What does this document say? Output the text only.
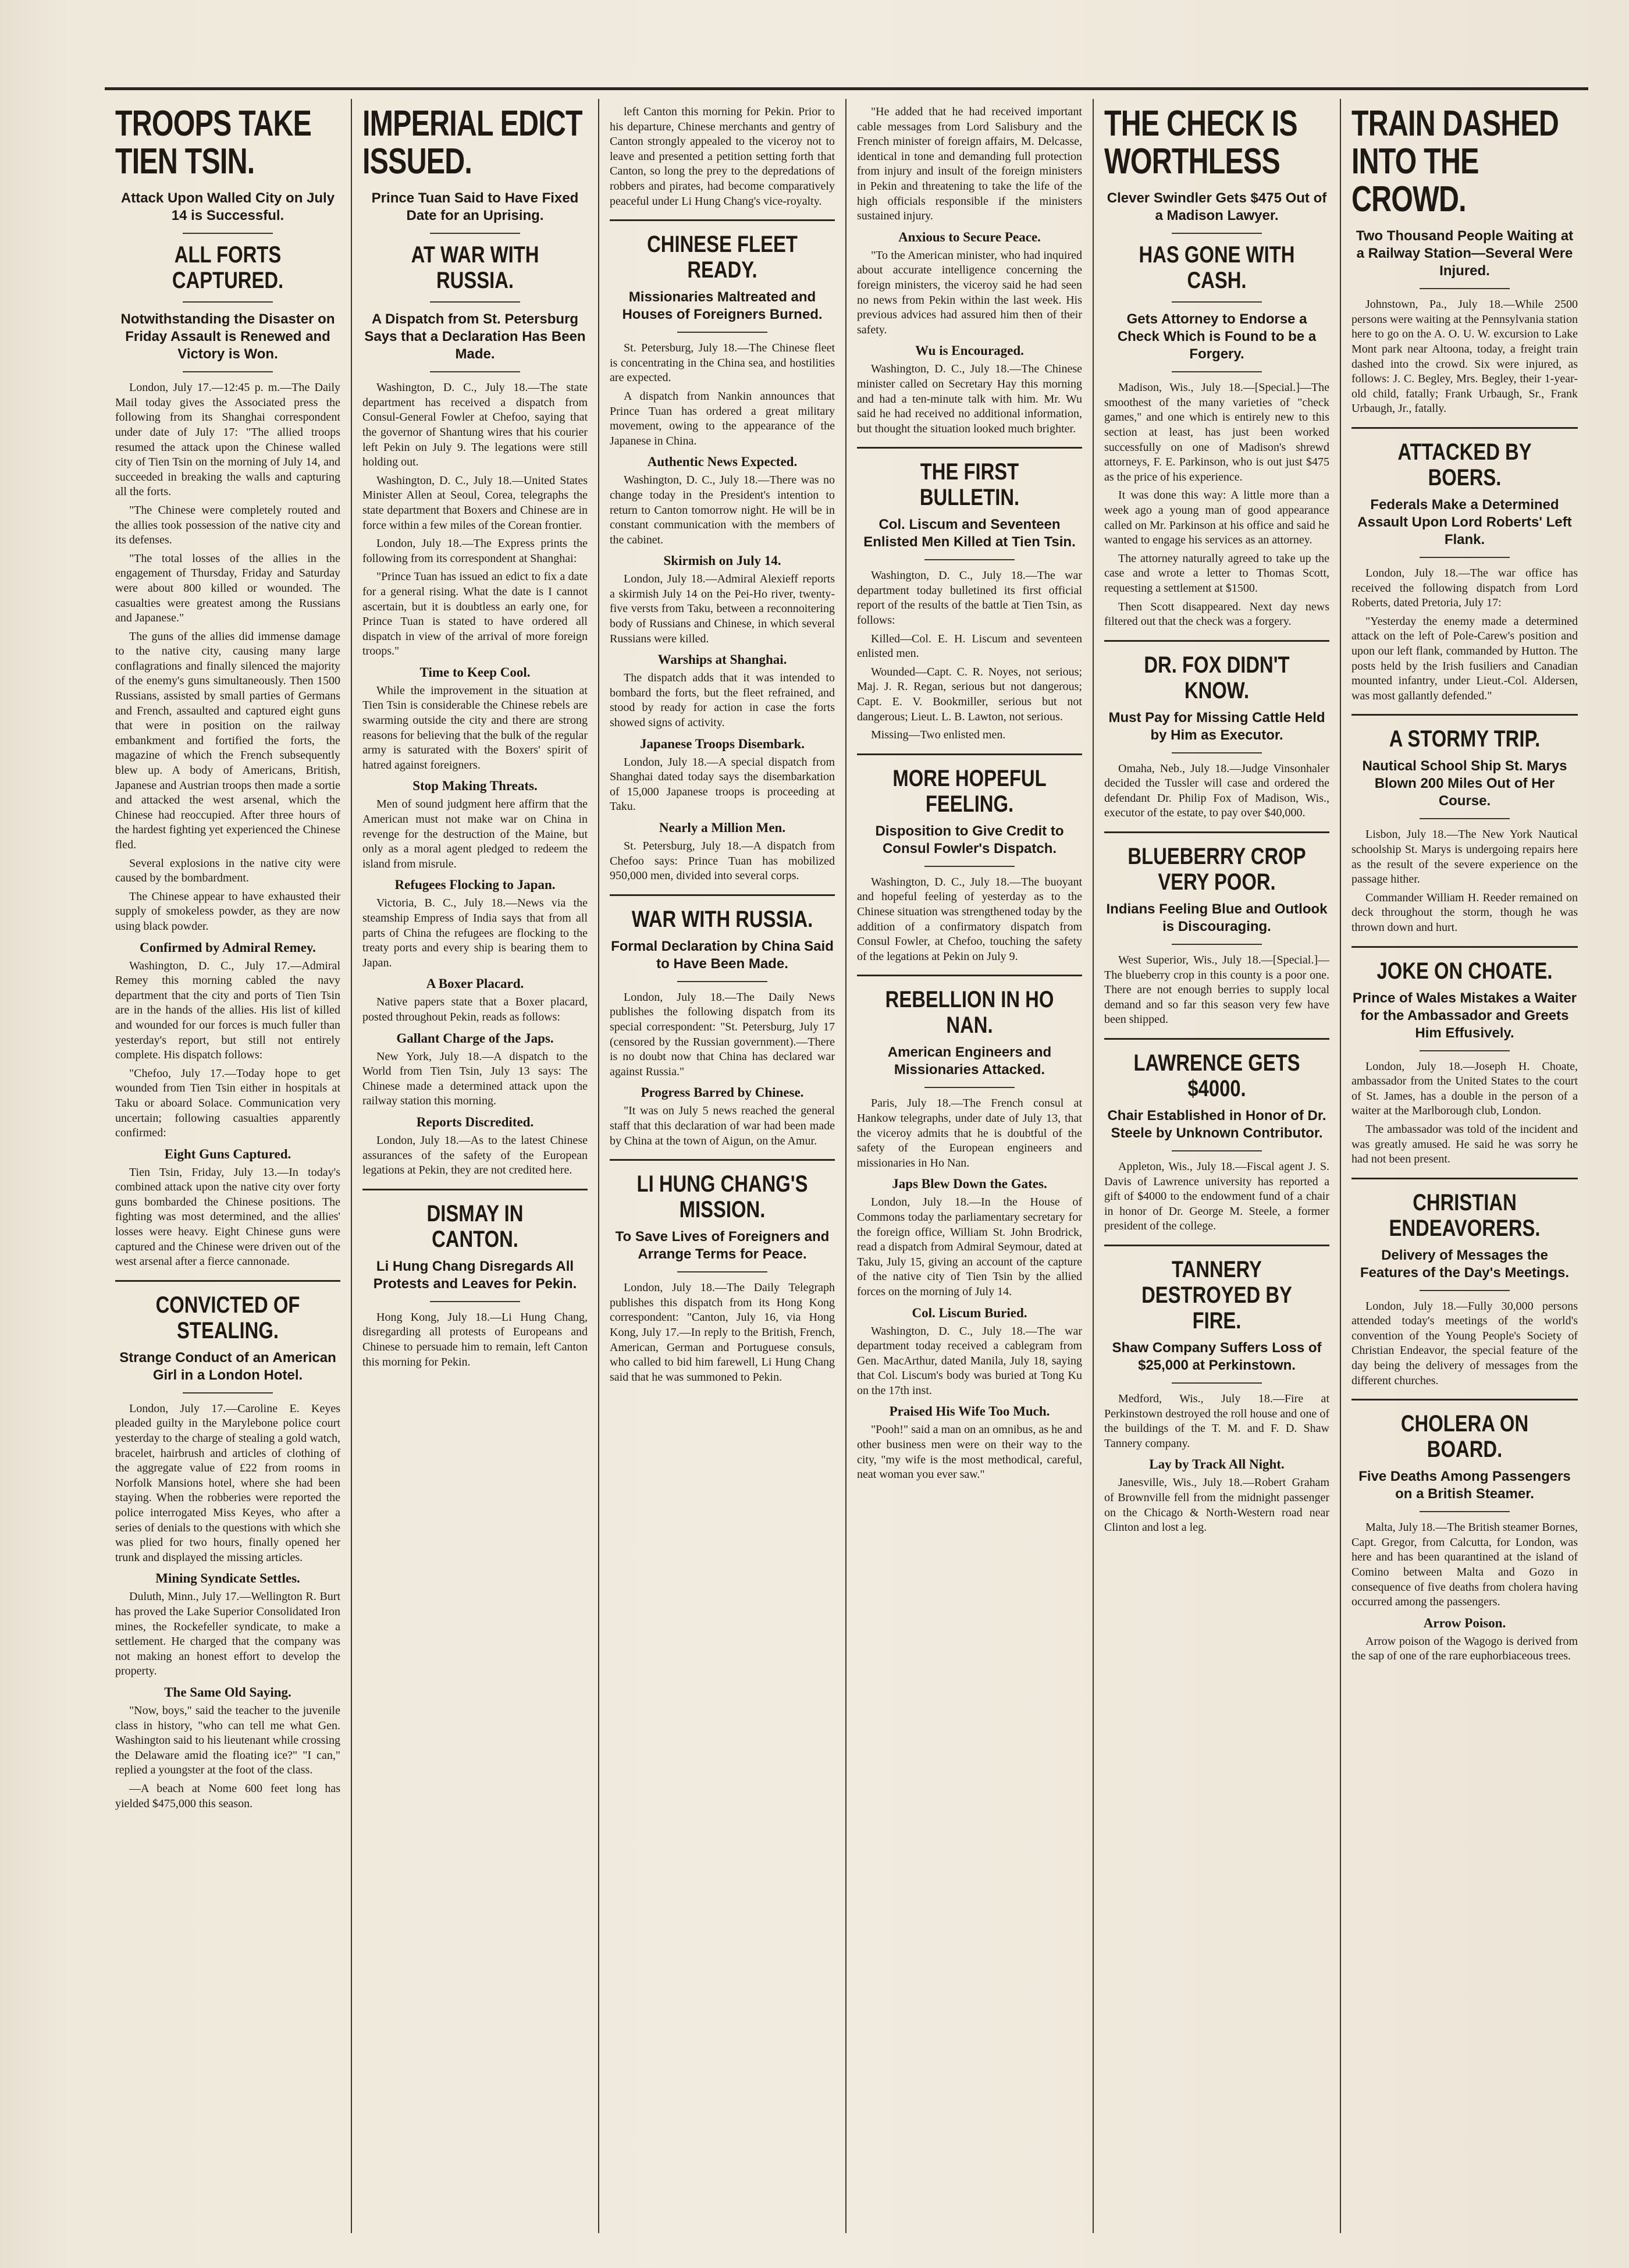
TROOPS TAKE TIEN TSIN.
Attack Upon Walled City on July 14 is Successful.
ALL FORTS CAPTURED.
Notwithstanding the Disaster on Friday Assault is Renewed and Victory is Won.

London, July 17.—12:45 p. m.—The Daily Mail today gives the Associated press the following from its Shanghai correspondent under date of July 17: "The allied troops resumed the attack upon the Chinese walled city of Tien Tsin on the morning of July 14, and succeeded in breaking the walls and capturing all the forts.

"The Chinese were completely routed and the allies took possession of the native city and its defenses.

"The total losses of the allies in the engagement of Thursday, Friday and Saturday were about 800 killed or wounded. The casualties were greatest among the Russians and Japanese."

The guns of the allies did immense damage to the native city, causing many large conflagrations and finally silenced the majority of the enemy's guns simultaneously. Then 1500 Russians, assisted by small parties of Germans and French, assaulted and captured eight guns that were in position on the railway embankment and fortified the forts, the magazine of which the French subsequently blew up. A body of Americans, British, Japanese and Austrian troops then made a sortie and attacked the west arsenal, which the Chinese had reoccupied. After three hours of the hardest fighting yet experienced the Chinese fled.

Several explosions in the native city were caused by the bombardment.

The Chinese appear to have exhausted their supply of smokeless powder, as they are now using black powder.

Confirmed by Admiral Remey.

Washington, D. C., July 17.—Admiral Remey this morning cabled the navy department that the city and ports of Tien Tsin are in the hands of the allies. His list of killed and wounded for our forces is much fuller than yesterday's report, but still not entirely complete. His dispatch follows:

"Chefoo, July 17.—Today hope to get wounded from Tien Tsin either in hospitals at Taku or aboard Solace. Communication very uncertain; following casualties apparently confirmed:

Eight Guns Captured.

Tien Tsin, Friday, July 13.—In today's combined attack upon the native city over forty guns bombarded the Chinese positions. The fighting was most determined, and the allies' losses were heavy. Eight Chinese guns were captured and the Chinese were driven out of the west arsenal after a fierce cannonade.

CONVICTED OF STEALING.
Strange Conduct of an American Girl in a London Hotel.

London, July 17.—Caroline E. Keyes pleaded guilty in the Marylebone police court yesterday to the charge of stealing a gold watch, bracelet, hairbrush and articles of clothing of the aggregate value of £22 from rooms in Norfolk Mansions hotel, where she had been staying. When the robberies were reported the police interrogated Miss Keyes, who after a series of denials to the questions with which she was plied for two hours, finally opened her trunk and displayed the missing articles.

Mining Syndicate Settles.

Duluth, Minn., July 17.—Wellington R. Burt has proved the Lake Superior Consolidated Iron mines, the Rockefeller syndicate, to make a settlement. He charged that the company was not making an honest effort to develop the property.

The Same Old Saying.

"Now, boys," said the teacher to the juvenile class in history, "who can tell me what Gen. Washington said to his lieutenant while crossing the Delaware amid the floating ice?" "I can," replied a youngster at the foot of the class.

—A beach at Nome 600 feet long has yielded $475,000 this season.

IMPERIAL EDICT ISSUED.
Prince Tuan Said to Have Fixed Date for an Uprising.
AT WAR WITH RUSSIA.
A Dispatch from St. Petersburg Says that a Declaration Has Been Made.

Washington, D. C., July 18.—The state department has received a dispatch from Consul-General Fowler at Chefoo, saying that the governor of Shantung wires that his courier left Pekin on July 9. The legations were still holding out.

Washington, D. C., July 18.—United States Minister Allen at Seoul, Corea, telegraphs the state department that Boxers and Chinese are in force within a few miles of the Corean frontier.

London, July 18.—The Express prints the following from its correspondent at Shanghai:

"Prince Tuan has issued an edict to fix a date for a general rising. What the date is I cannot ascertain, but it is doubtless an early one, for Prince Tuan is stated to have ordered all dispatch in view of the arrival of more foreign troops."

Time to Keep Cool.

While the improvement in the situation at Tien Tsin is considerable the Chinese rebels are swarming outside the city and there are strong reasons for believing that the bulk of the regular army is saturated with the Boxers' spirit of hatred against foreigners.

Stop Making Threats.

Men of sound judgment here affirm that the American must not make war on China in revenge for the destruction of the Maine, but only as a moral agent pledged to redeem the island from misrule.

Refugees Flocking to Japan.

Victoria, B. C., July 18.—News via the steamship Empress of India says that from all parts of China the refugees are flocking to the treaty ports and every ship is bearing them to Japan.

A Boxer Placard.

Native papers state that a Boxer placard, posted throughout Pekin, reads as follows:

Gallant Charge of the Japs.

New York, July 18.—A dispatch to the World from Tien Tsin, July 13 says: The Chinese made a determined attack upon the railway station this morning.

Reports Discredited.

London, July 18.—As to the latest Chinese assurances of the safety of the European legations at Pekin, they are not credited here.

DISMAY IN CANTON.
Li Hung Chang Disregards All Protests and Leaves for Pekin.

Hong Kong, July 18.—Li Hung Chang, disregarding all protests of Europeans and Chinese to persuade him to remain, left Canton this morning for Pekin.

left Canton this morning for Pekin. Prior to his departure, Chinese merchants and gentry of Canton strongly appealed to the viceroy not to leave and presented a petition setting forth that Canton, so long the prey to the depredations of robbers and pirates, had become comparatively peaceful under Li Hung Chang's vice-royalty.

CHINESE FLEET READY.
Missionaries Maltreated and Houses of Foreigners Burned.

St. Petersburg, July 18.—The Chinese fleet is concentrating in the China sea, and hostilities are expected.

A dispatch from Nankin announces that Prince Tuan has ordered a great military movement, owing to the appearance of the Japanese in China.

Authentic News Expected.

Washington, D. C., July 18.—There was no change today in the President's intention to return to Canton tomorrow night. He will be in constant communication with the members of the cabinet.

Skirmish on July 14.

London, July 18.—Admiral Alexieff reports a skirmish July 14 on the Pei-Ho river, twenty-five versts from Taku, between a reconnoitering body of Russians and Chinese, in which several Russians were killed.

Warships at Shanghai.

The dispatch adds that it was intended to bombard the forts, but the fleet refrained, and stood by ready for action in case the forts showed signs of activity.

Japanese Troops Disembark.

London, July 18.—A special dispatch from Shanghai dated today says the disembarkation of 15,000 Japanese troops is proceeding at Taku.

Nearly a Million Men.

St. Petersburg, July 18.—A dispatch from Chefoo says: Prince Tuan has mobilized 950,000 men, divided into several corps.

WAR WITH RUSSIA.
Formal Declaration by China Said to Have Been Made.

London, July 18.—The Daily News publishes the following dispatch from its special correspondent: "St. Petersburg, July 17 (censored by the Russian government).—There is no doubt now that China has declared war against Russia."

Progress Barred by Chinese.

"It was on July 5 news reached the general staff that this declaration of war had been made by China at the town of Aigun, on the Amur.

LI HUNG CHANG'S MISSION.
To Save Lives of Foreigners and Arrange Terms for Peace.

London, July 18.—The Daily Telegraph publishes this dispatch from its Hong Kong correspondent: "Canton, July 16, via Hong Kong, July 17.—In reply to the British, French, American, German and Portuguese consuls, who called to bid him farewell, Li Hung Chang said that he was summoned to Pekin.

"He added that he had received important cable messages from Lord Salisbury and the French minister of foreign affairs, M. Delcasse, identical in tone and demanding full protection from injury and insult of the foreign ministers in Pekin and threatening to take the life of the high officials responsible if the ministers sustained injury.

Anxious to Secure Peace.

"To the American minister, who had inquired about accurate intelligence concerning the foreign ministers, the viceroy said he had seen no news from Pekin within the last week. His previous advices had assured him then of their safety.

Wu is Encouraged.

Washington, D. C., July 18.—The Chinese minister called on Secretary Hay this morning and had a ten-minute talk with him. Mr. Wu said he had received no additional information, but thought the situation looked much brighter.

THE FIRST BULLETIN.
Col. Liscum and Seventeen Enlisted Men Killed at Tien Tsin.

Washington, D. C., July 18.—The war department today bulletined its first official report of the results of the battle at Tien Tsin, as follows:

Killed—Col. E. H. Liscum and seventeen enlisted men.

Wounded—Capt. C. R. Noyes, not serious; Maj. J. R. Regan, serious but not dangerous; Capt. E. V. Bookmiller, serious but not dangerous; Lieut. L. B. Lawton, not serious.

Missing—Two enlisted men.

MORE HOPEFUL FEELING.
Disposition to Give Credit to Consul Fowler's Dispatch.

Washington, D. C., July 18.—The buoyant and hopeful feeling of yesterday as to the Chinese situation was strengthened today by the addition of a confirmatory dispatch from Consul Fowler, at Chefoo, touching the safety of the legations at Pekin on July 9.

REBELLION IN HO NAN.
American Engineers and Missionaries Attacked.

Paris, July 18.—The French consul at Hankow telegraphs, under date of July 13, that the viceroy admits that he is doubtful of the safety of the European engineers and missionaries in Ho Nan.

Japs Blew Down the Gates.

London, July 18.—In the House of Commons today the parliamentary secretary for the foreign office, William St. John Brodrick, read a dispatch from Admiral Seymour, dated at Taku, July 15, giving an account of the capture of the native city of Tien Tsin by the allied forces on the morning of July 14.

Col. Liscum Buried.

Washington, D. C., July 18.—The war department today received a cablegram from Gen. MacArthur, dated Manila, July 18, saying that Col. Liscum's body was buried at Tong Ku on the 17th inst.

Praised His Wife Too Much.

"Pooh!" said a man on an omnibus, as he and other business men were on their way to the city, "my wife is the most methodical, careful, neat woman you ever saw."

THE CHECK IS WORTHLESS
Clever Swindler Gets $475 Out of a Madison Lawyer.
HAS GONE WITH CASH.
Gets Attorney to Endorse a Check Which is Found to be a Forgery.

Madison, Wis., July 18.—[Special.]—The smoothest of the many varieties of "check games," and one which is entirely new to this section at least, has just been worked successfully on one of Madison's shrewd attorneys, F. E. Parkinson, who is out just $475 as the price of his experience.

It was done this way: A little more than a week ago a young man of good appearance called on Mr. Parkinson at his office and said he wanted to engage his services as an attorney.

The attorney naturally agreed to take up the case and wrote a letter to Thomas Scott, requesting a settlement at $1500.

Then Scott disappeared. Next day news filtered out that the check was a forgery.

DR. FOX DIDN'T KNOW.
Must Pay for Missing Cattle Held by Him as Executor.

Omaha, Neb., July 18.—Judge Vinsonhaler decided the Tussler will case and ordered the defendant Dr. Philip Fox of Madison, Wis., executor of the estate, to pay over $40,000.

BLUEBERRY CROP VERY POOR.
Indians Feeling Blue and Outlook is Discouraging.

West Superior, Wis., July 18.—[Special.]—The blueberry crop in this county is a poor one. There are not enough berries to supply local demand and so far this season very few have been shipped.

LAWRENCE GETS $4000.
Chair Established in Honor of Dr. Steele by Unknown Contributor.

Appleton, Wis., July 18.—Fiscal agent J. S. Davis of Lawrence university has reported a gift of $4000 to the endowment fund of a chair in honor of Dr. George M. Steele, a former president of the college.

TANNERY DESTROYED BY FIRE.
Shaw Company Suffers Loss of $25,000 at Perkinstown.

Medford, Wis., July 18.—Fire at Perkinstown destroyed the roll house and one of the buildings of the T. M. and F. D. Shaw Tannery company.

Lay by Track All Night.

Janesville, Wis., July 18.—Robert Graham of Brownville fell from the midnight passenger on the Chicago & North-Western road near Clinton and lost a leg.

TRAIN DASHED INTO THE CROWD.
Two Thousand People Waiting at a Railway Station—Several Were Injured.

Johnstown, Pa., July 18.—While 2500 persons were waiting at the Pennsylvania station here to go on the A. O. U. W. excursion to Lake Mont park near Altoona, today, a freight train dashed into the crowd. Six were injured, as follows: J. C. Begley, Mrs. Begley, their 1-year-old child, fatally; Frank Urbaugh, Sr., Frank Urbaugh, Jr., fatally.

ATTACKED BY BOERS.
Federals Make a Determined Assault Upon Lord Roberts' Left Flank.

London, July 18.—The war office has received the following dispatch from Lord Roberts, dated Pretoria, July 17:

"Yesterday the enemy made a determined attack on the left of Pole-Carew's position and upon our left flank, commanded by Hutton. The posts held by the Irish fusiliers and Canadian mounted infantry, under Lieut.-Col. Aldersen, was most gallantly defended."

A STORMY TRIP.
Nautical School Ship St. Marys Blown 200 Miles Out of Her Course.

Lisbon, July 18.—The New York Nautical schoolship St. Marys is undergoing repairs here as the result of the severe experience on the passage hither.

Commander William H. Reeder remained on deck throughout the storm, though he was thrown down and hurt.

JOKE ON CHOATE.
Prince of Wales Mistakes a Waiter for the Ambassador and Greets Him Effusively.

London, July 18.—Joseph H. Choate, ambassador from the United States to the court of St. James, has a double in the person of a waiter at the Marlborough club, London.

The ambassador was told of the incident and was greatly amused. He said he was sorry he had not been present.

CHRISTIAN ENDEAVORERS.
Delivery of Messages the Features of the Day's Meetings.

London, July 18.—Fully 30,000 persons attended today's meetings of the world's convention of the Young People's Society of Christian Endeavor, the special feature of the day being the delivery of messages from the different churches.

CHOLERA ON BOARD.
Five Deaths Among Passengers on a British Steamer.

Malta, July 18.—The British steamer Bornes, Capt. Gregor, from Calcutta, for London, was here and has been quarantined at the island of Comino between Malta and Gozo in consequence of five deaths from cholera having occurred among the passengers.

Arrow Poison.

Arrow poison of the Wagogo is derived from the sap of one of the rare euphorbiaceous trees.
